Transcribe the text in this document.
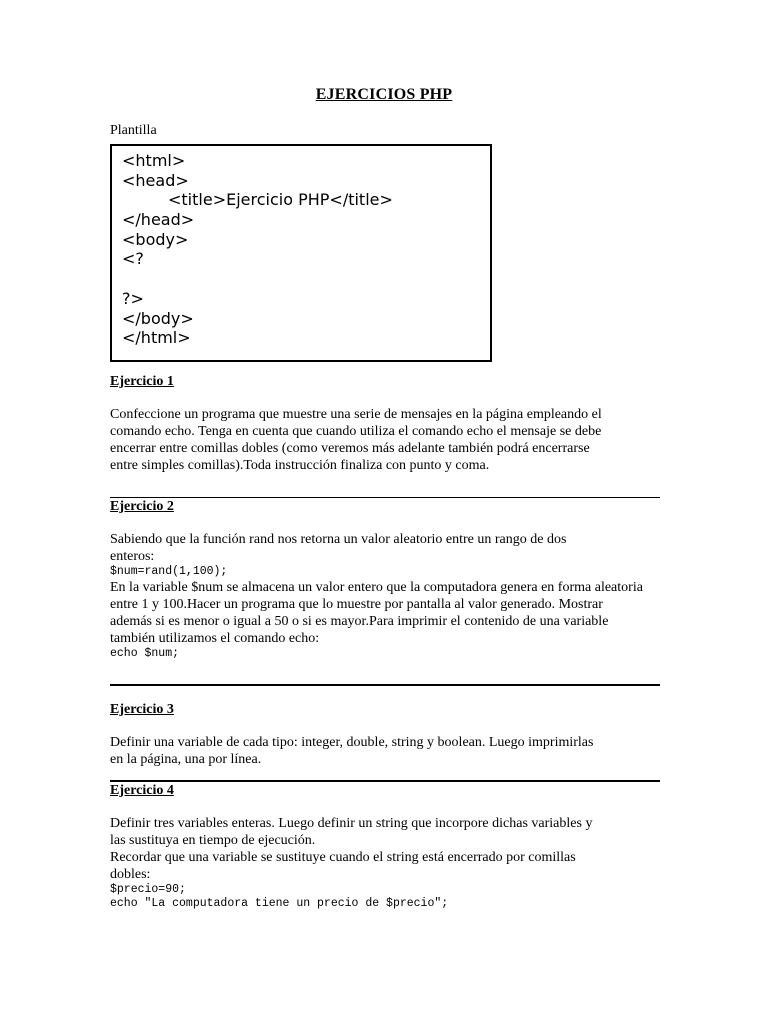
EJERCICIOS PHP
Plantilla
<html>
<head>
<title>Ejercicio PHP</title>
</head>
<body>
<?
?>
</body>
</html>
Ejercicio 1
Confeccione un programa que muestre una serie de mensajes en la página empleando el
comando echo. Tenga en cuenta que cuando utiliza el comando echo el mensaje se debe
encerrar entre comillas dobles (como veremos más adelante también podrá encerrarse
entre simples comillas).Toda instrucción finaliza con punto y coma.
Ejercicio 2
Sabiendo que la función rand nos retorna un valor aleatorio entre un rango de dos
enteros:
$num=rand(1,100);
En la variable $num se almacena un valor entero que la computadora genera en forma aleatoria
entre 1 y 100.Hacer un programa que lo muestre por pantalla al valor generado. Mostrar
además si es menor o igual a 50 o si es mayor.Para imprimir el contenido de una variable
también utilizamos el comando echo:
echo $num;
Ejercicio 3
Definir una variable de cada tipo: integer, double, string y boolean. Luego imprimirlas
en la página, una por línea.
Ejercicio 4
Definir tres variables enteras. Luego definir un string que incorpore dichas variables y
las sustituya en tiempo de ejecución.
Recordar que una variable se sustituye cuando el string está encerrado por comillas
dobles:
$precio=90;
echo "La computadora tiene un precio de $precio";
